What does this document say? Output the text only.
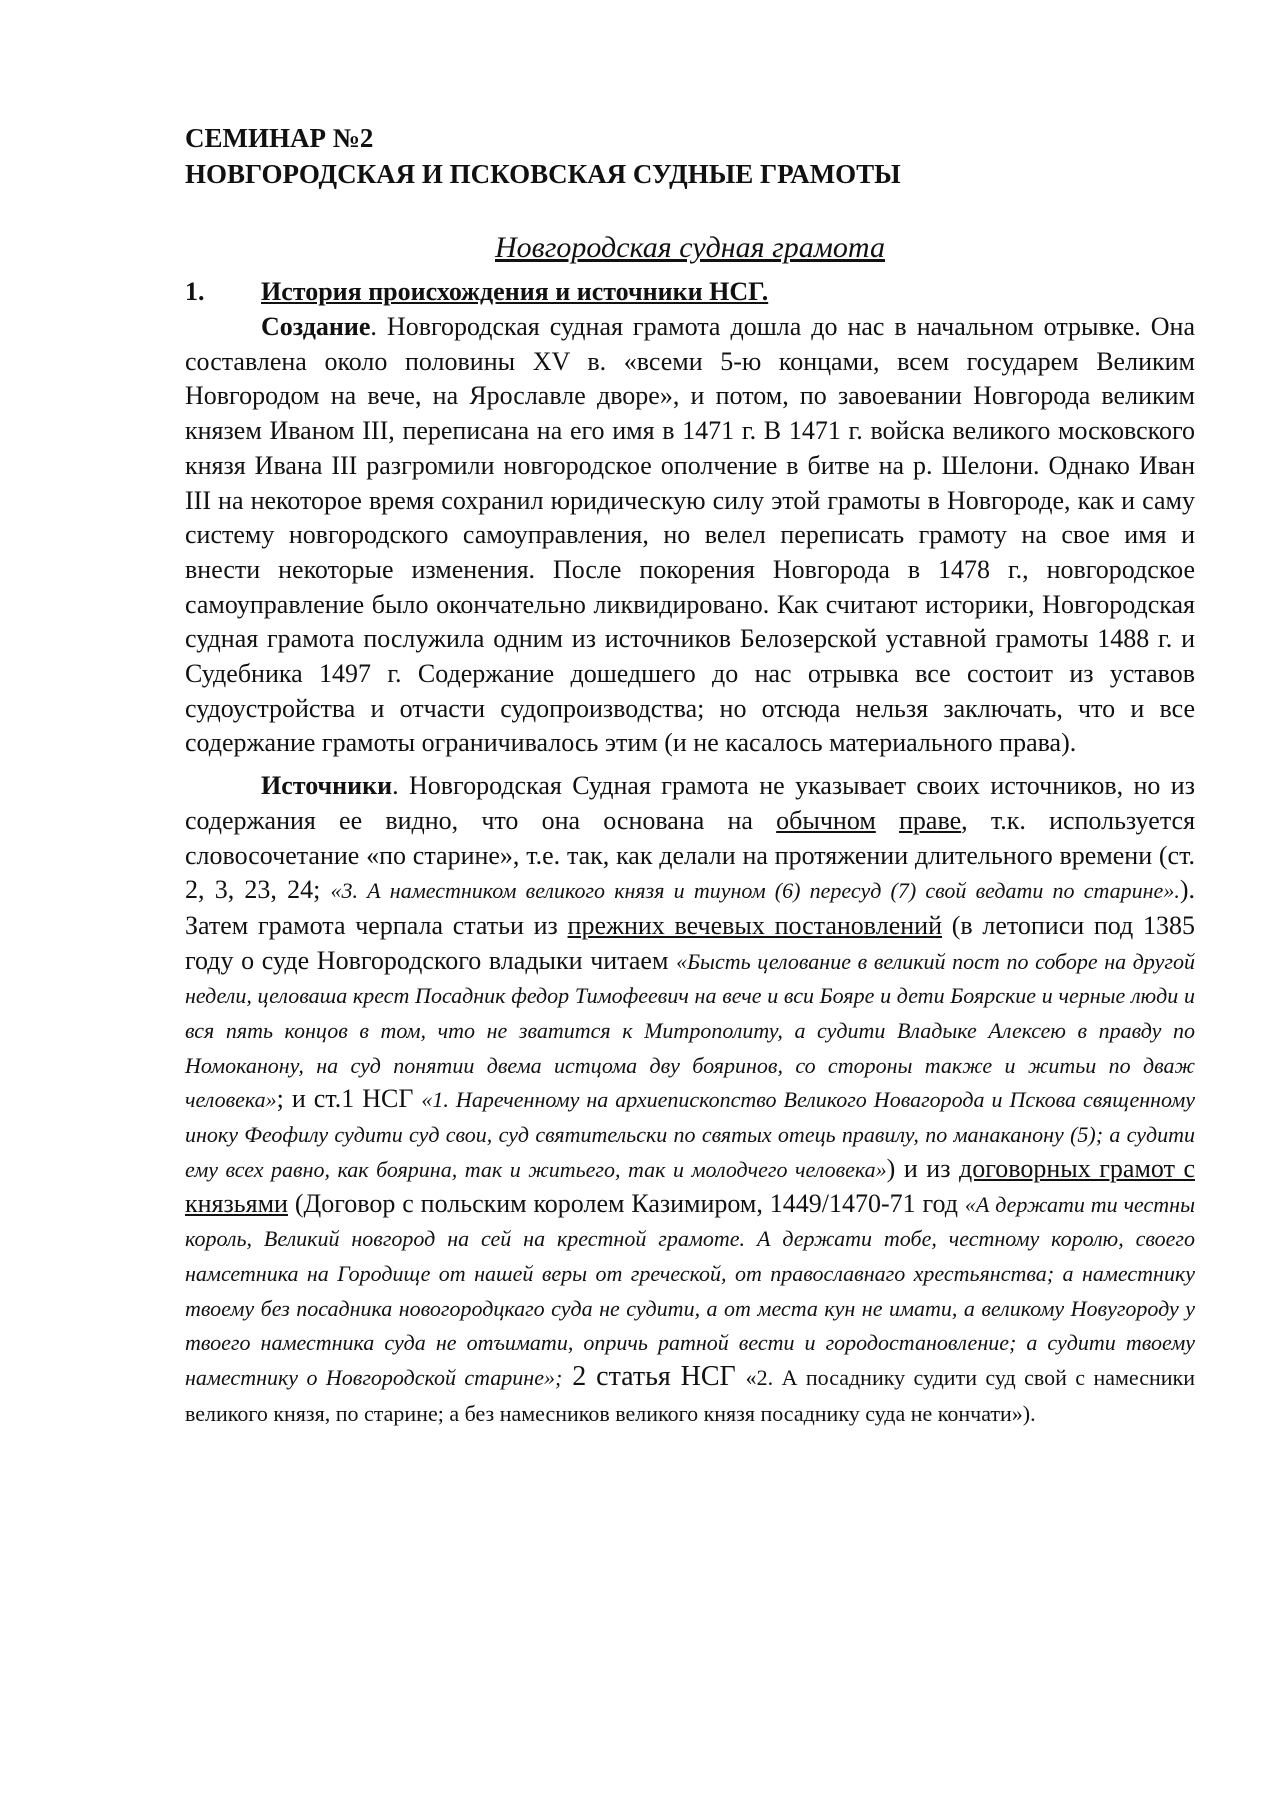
СЕМИНАР №2
НОВГОРОДСКАЯ И ПСКОВСКАЯ СУДНЫЕ ГРАМОТЫ
Новгородская судная грамота
1.	История происхождения и источники НСГ.

Создание. Новгородская судная грамота дошла до нас в начальном отрывке. Она составлена около половины XV в. «всеми 5-ю концами, всем государем Великим Новгородом на вече, на Ярославле дворе», и потом, по завоевании Новгорода великим князем Иваном III, переписана на его имя в 1471 г. В 1471 г. войска великого московского князя Ивана III разгромили новгородское ополчение в битве на р. Шелони. Однако Иван III на некоторое время сохранил юридическую силу этой грамоты в Новгороде, как и саму систему новгородского самоуправления, но велел переписать грамоту на свое имя и внести некоторые изменения. После покорения Новгорода в 1478 г., новгородское самоуправление было окончательно ликвидировано. Как считают историки, Новгородская судная грамота послужила одним из источников Белозерской уставной грамоты 1488 г. и Судебника 1497 г. Содержание дошедшего до нас отрывка все состоит из уставов судоустройства и отчасти судопроизводства; но отсюда нельзя заключать, что и все содержание грамоты ограничивалось этим (и не касалось материального права).

Источники. Новгородская Судная грамота не указывает своих источников, но из содержания ее видно, что она основана на обычном праве, т.к. используется словосочетание «по старине», т.е. так, как делали на протяжении длительного времени (ст. 2, 3, 23, 24; «3. А наместником великого князя и тиуном (6) пересуд (7) свой ведати по старине».). Затем грамота черпала статьи из прежних вечевых постановлений (в летописи под 1385 году о суде Новгородского владыки читаем «Бысть целование в великий пост по соборе на другой недели, целоваша крест Посадник федор Тимофеевич на вече и вси Бояре и дети Боярские и черные люди и вся пять концов в том, что не зватится к Митрополиту, а судити Владыке Алексею в правду по Номоканону, на суд понятии двема истцома дву бояринов, со стороны также и житьи по дваж человека»; и ст.1 НСГ «1. Нареченному на архиепископство Великого Новагорода и Пскова священному иноку Феофилу судити суд свои, суд святительски по святых отець правилу, по манаканону (5); а судити ему всех равно, как боярина, так и житьего, так и молодчего человека») и из договорных грамот с князьями (Договор с польским королем Казимиром, 1449/1470-71 год «А держати ти честны король, Великий новгород на сей на крестной грамоте. А держати тобе, честному королю, своего намсетника на Городище от нашей веры от греческой, от православнаго хрестьянства; а наместнику твоему без посадника новогородцкаго суда не судити, а от места кун не имати, а великому Новугороду у твоего наместника суда не отъимати, опричь ратной вести и городостановление; а судити твоему наместнику о Новгородской старине»; 2 статья НСГ «2. А посаднику судити суд свой с намесники великого князя, по старине; а без намесников великого князя посаднику суда не кончати»).
